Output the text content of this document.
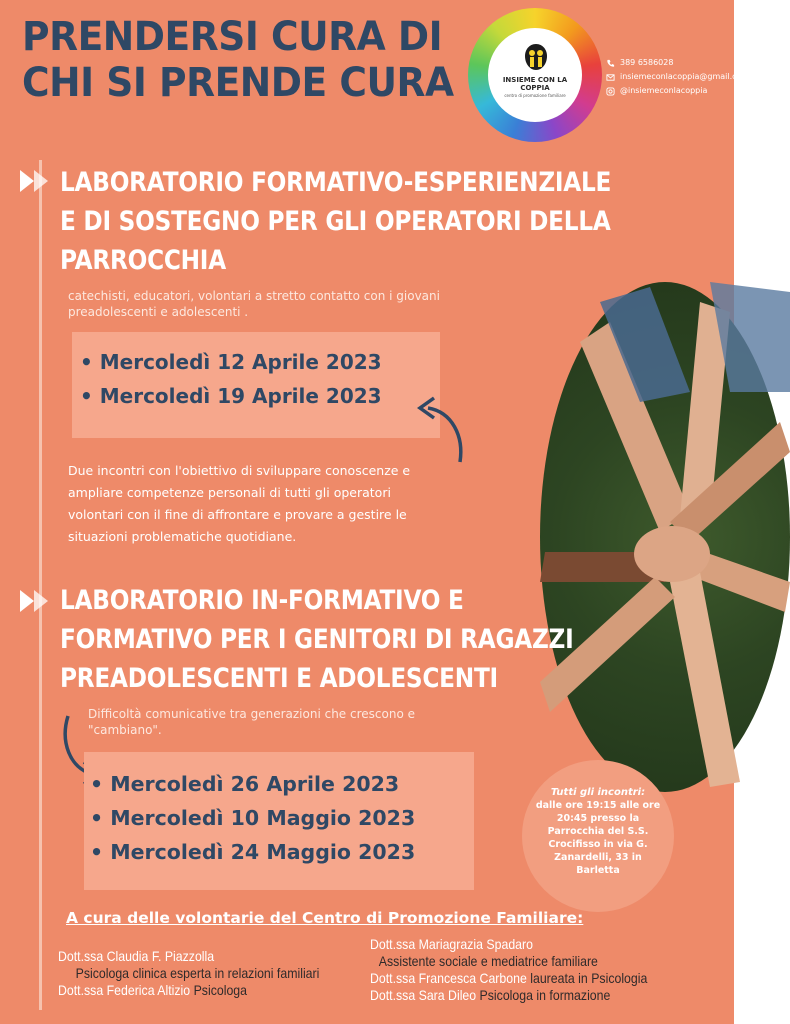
PRENDERSI CURA DI
CHI SI PRENDE CURA	INSIEME CON LA COPPIA
centro di promozione familiare
389 6586028
insiemeconlacoppia@gmail.com
@insiemeconlacoppia
LABORATORIO FORMATIVO-ESPERIENZIALE
E DI SOSTEGNO PER GLI OPERATORI DELLA
PARROCCHIA
catechisti, educatori, volontari a stretto contatto con i giovani
preadolescenti e adolescenti .
• Mercoledì 12 Aprile 2023
• Mercoledì 19 Aprile 2023
Due incontri con l'obiettivo di sviluppare conoscenze e
ampliare competenze personali di tutti gli operatori
volontari con il fine di affrontare e provare a gestire le
situazioni problematiche quotidiane.
LABORATORIO IN-FORMATIVO E
FORMATIVO PER I GENITORI DI RAGAZZI
PREADOLESCENTI E ADOLESCENTI
Difficoltà comunicative tra generazioni che crescono e
"cambiano".
• Mercoledì 26 Aprile 2023
• Mercoledì 10 Maggio 2023
• Mercoledì 24 Maggio 2023
Tutti gli incontri:
dalle ore 19:15 alle ore
20:45 presso la
Parrocchia del S.S.
Crocifisso in via G.
Zanardelli, 33 in
Barletta
A cura delle volontarie del Centro di Promozione Familiare:
Dott.ssa Claudia F. Piazzolla
Psicologa clinica esperta in relazioni familiari
Dott.ssa Federica Altizio Psicologa
Dott.ssa Mariagrazia Spadaro
Assistente sociale e mediatrice familiare
Dott.ssa Francesca Carbone laureata in Psicologia
Dott.ssa Sara Dileo Psicologa in formazione
